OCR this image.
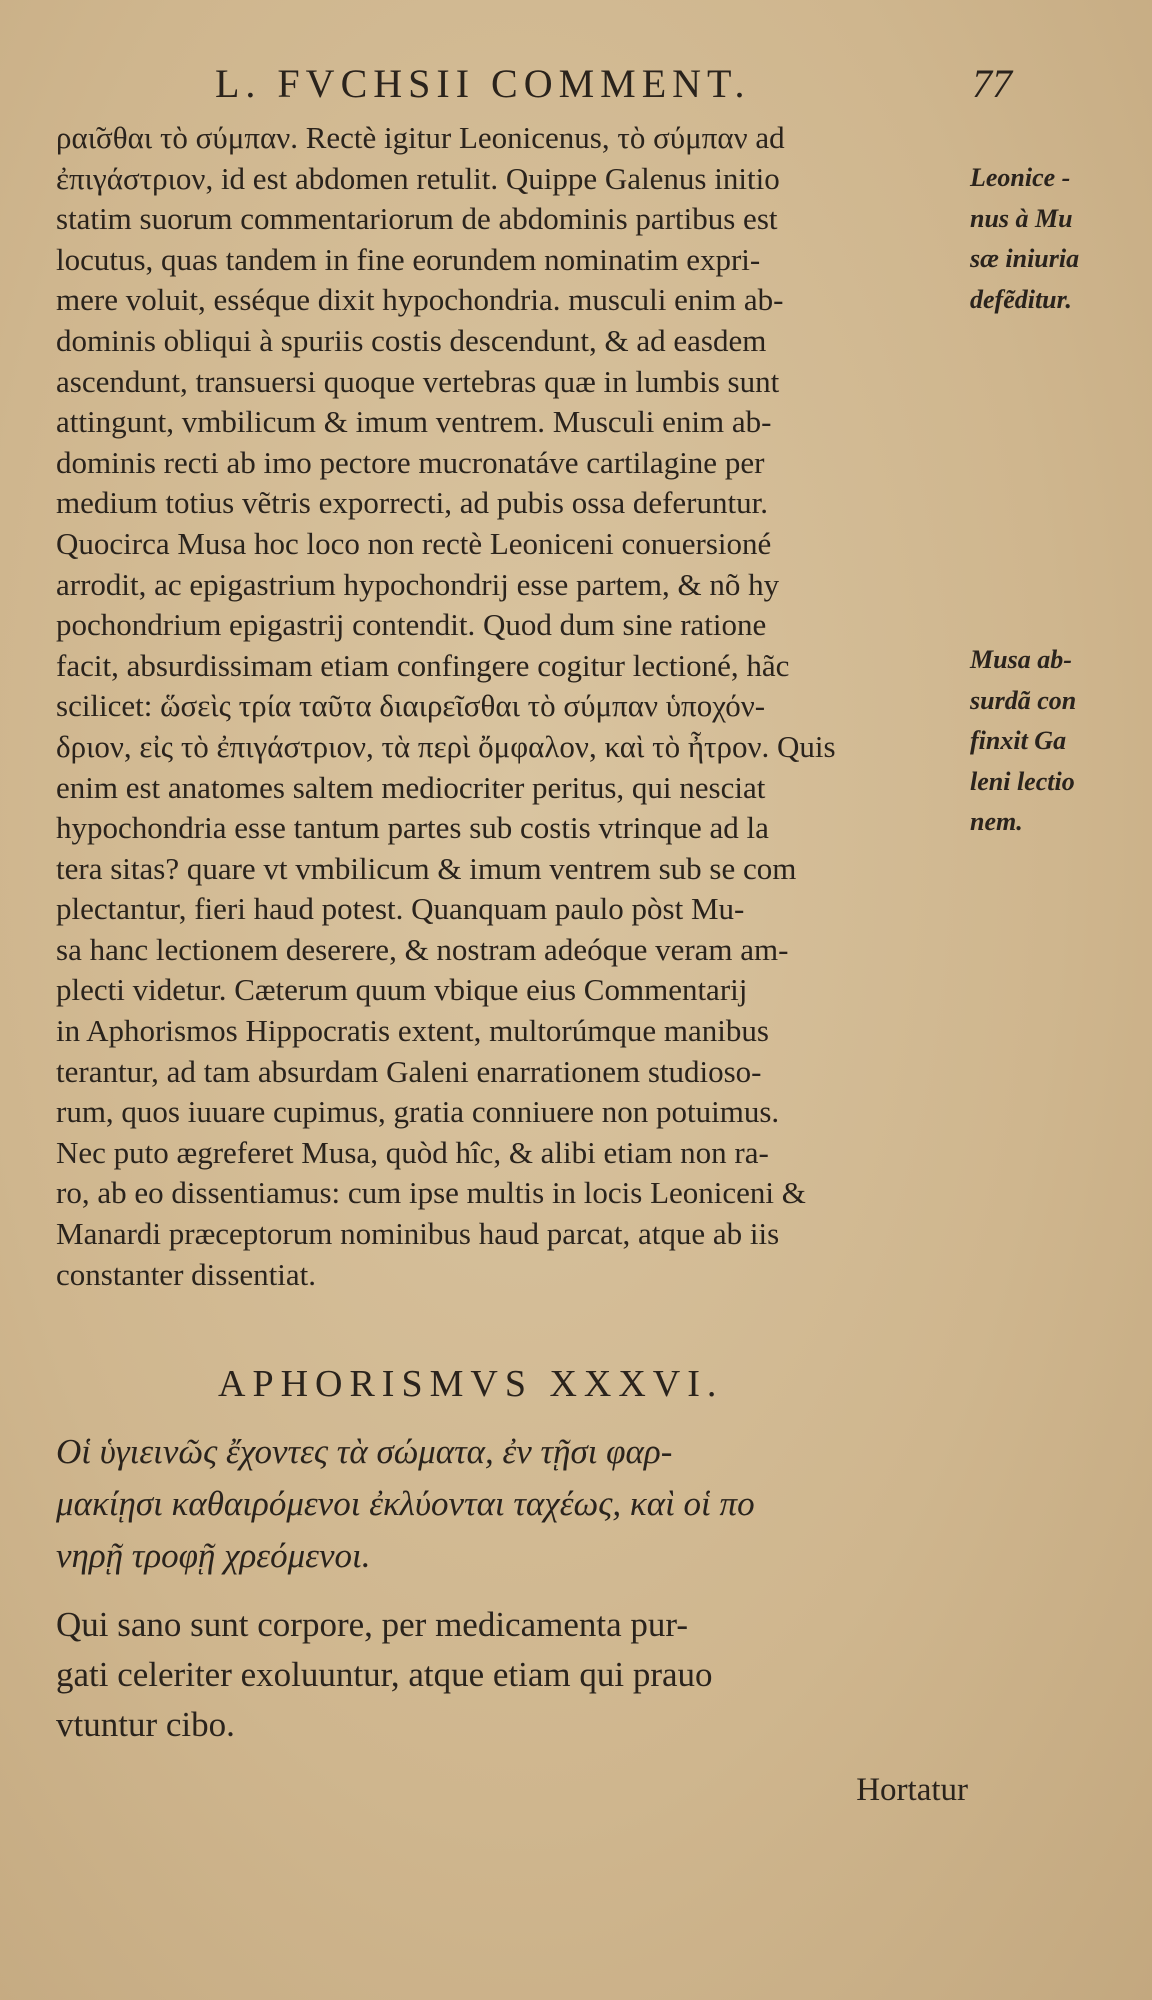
L. FVCHSII COMMENT.	77
ραι̃σθαι τὸ σύμπαν. Rectè igitur Leonicenus, τὸ σύμπαν ad
ἐπιγάστριον, id est abdomen retulit. Quippe Galenus initio
statim suorum commentariorum de abdominis partibus est
locutus, quas tandem in fine eorundem nominatim expri-
mere voluit, esséque dixit hypochondria. musculi enim ab-
dominis obliqui à spuriis costis descendunt, & ad easdem
ascendunt, transuersi quoque vertebras quæ in lumbis sunt
attingunt, vmbilicum & imum ventrem. Musculi enim ab-
dominis recti ab imo pectore mucronatáve cartilagine per
medium totius vẽtris exporrecti, ad pubis ossa deferuntur.
Quocirca Musa hoc loco non rectè Leoniceni conuersioné
arrodit, ac epigastrium hypochondrij esse partem, & nõ hy
pochondrium epigastrij contendit. Quod dum sine ratione
facit, absurdissimam etiam confingere cogitur lectioné, hãc
scilicet: ὥσεὶς τρία ταῦτα διαιρεῖσθαι τὸ σύμπαν ὑποχόν-
δριον, εἰς τὸ ἐπιγάστριον, τὰ περὶ ὄμφαλον, καὶ τὸ ἦτρον. Quis
enim est anatomes saltem mediocriter peritus, qui nesciat
hypochondria esse tantum partes sub costis vtrinque ad la
tera sitas? quare vt vmbilicum & imum ventrem sub se com
plectantur, fieri haud potest. Quanquam paulo pòst Mu-
sa hanc lectionem deserere, & nostram adeóque veram am-
plecti videtur. Cæterum quum vbique eius Commentarij
in Aphorismos Hippocratis extent, multorúmque manibus
terantur, ad tam absurdam Galeni enarrationem studioso-
rum, quos iuuare cupimus, gratia conniuere non potuimus.
Nec puto ægreferet Musa, quòd hîc, & alibi etiam non ra-
ro, ab eo dissentiamus: cum ipse multis in locis Leoniceni &
Manardi præceptorum nominibus haud parcat, atque ab iis
constanter dissentiat.
Leonice -
nus à Mu
sæ iniuria
defẽditur.
Musa ab-
surdã con
finxit Ga
leni lectio
nem.
APHORISMVS XXXVI.
Οἱ ὑγιεινῶς ἔχοντες τὰ σώματα, ἐν τῇσι φαρ-
μακίῃσι καθαιρόμενοι ἐκλύονται ταχέως, καὶ οἱ πο
νηρῇ τροφῇ χρεόμενοι.
Qui sano sunt corpore, per medicamenta pur-
gati celeriter exoluuntur, atque etiam qui prauo
vtuntur cibo.
Hortatur
